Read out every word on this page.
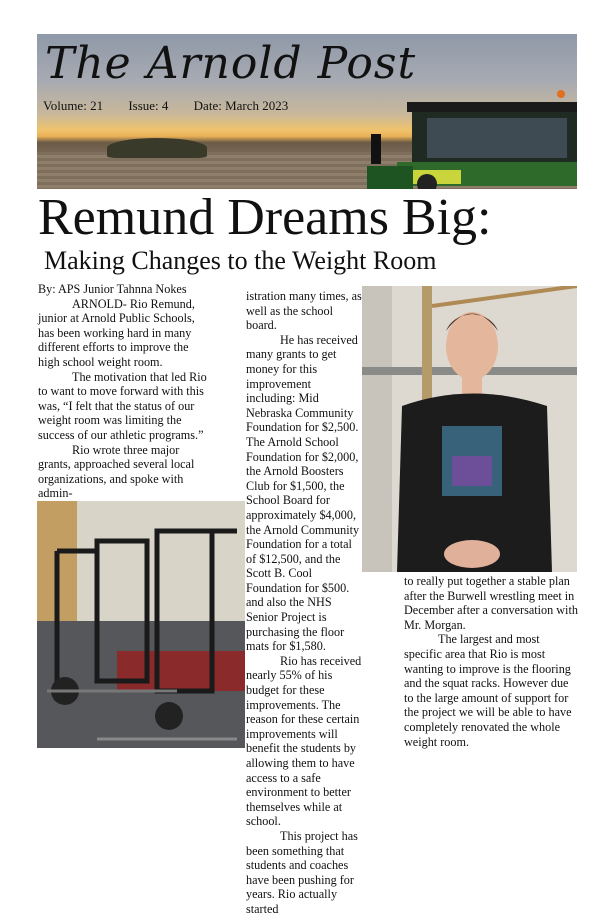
The Arnold Post
Volume: 21 Issue: 4 Date: March 2023
Remund Dreams Big:
Making Changes to the Weight Room

By: APS Junior Tahnna Nokes

ARNOLD- Rio Remund, junior at Arnold Public Schools, has been working hard in many different efforts to improve the high school weight room.

The motivation that led Rio to want to move forward with this was, “I felt that the status of our weight room was limiting the success of our athletic programs.”

Rio wrote three major grants, approached several local organizations, and spoke with admin-

istration many times, as well as the school board.

He has received many grants to get money for this improvement including: Mid Nebraska Community Foundation for $2,500. The Arnold School Foundation for $2,000, the Arnold Boosters Club for $1,500, the School Board for approximately $4,000, the Arnold Community Foundation for a total of $12,500, and the Scott B. Cool Foundation for $500. and also the NHS Senior Project is purchasing the floor mats for $1,580.

Rio has received nearly 55% of his budget for these improvements. The reason for these certain improvements will benefit the students by allowing them to have access to a safe environment to better themselves while at school.

This project has been something that students and coaches have been pushing for years. Rio actually started

to really put together a stable plan after the Burwell wrestling meet in December after a conversation with Mr. Morgan.

The largest and most specific area that Rio is most wanting to improve is the flooring and the squat racks. However due to the large amount of support for the project we will be able to have completely renovated the whole weight room.
